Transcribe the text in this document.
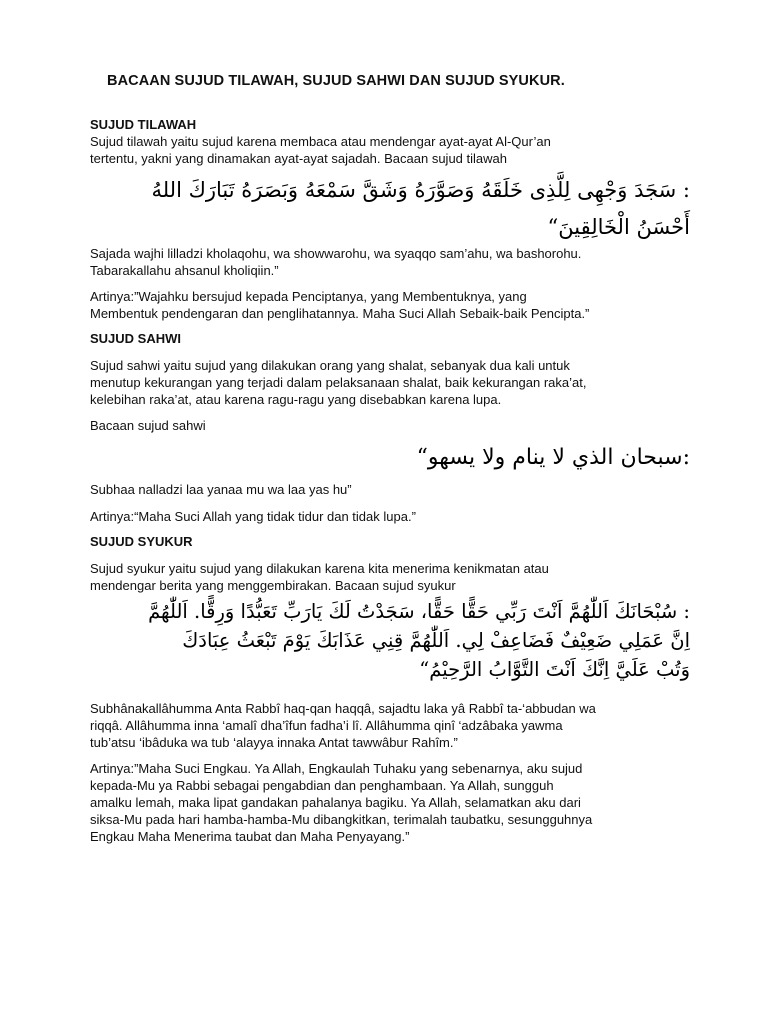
BACAAN SUJUD TILAWAH, SUJUD SAHWI DAN SUJUD SYUKUR.
SUJUD TILAWAH
Sujud tilawah yaitu sujud karena membaca atau mendengar ayat-ayat Al-Qur’an
tertentu, yakni yang dinamakan ayat-ayat sajadah. Bacaan sujud tilawah
: سَجَدَ وَجْهِى لِلَّذِى خَلَقَهُ وَصَوَّرَهُ وَشَقَّ سَمْعَهُ وَبَصَرَهُ تَبَارَكَ اللهُ
أَحْسَنُ الْخَالِقِينَ“
Sajada wajhi lilladzi kholaqohu, wa showwarohu, wa syaqqo sam’ahu, wa bashorohu.
Tabarakallahu ahsanul kholiqiin.”
Artinya:”Wajahku bersujud kepada Penciptanya, yang Membentuknya, yang
Membentuk pendengaran dan penglihatannya. Maha Suci Allah Sebaik-baik Pencipta.”
SUJUD SAHWI
Sujud sahwi yaitu sujud yang dilakukan orang yang shalat, sebanyak dua kali untuk
menutup kekurangan yang terjadi dalam pelaksanaan shalat, baik kekurangan raka’at,
kelebihan raka’at, atau karena ragu-ragu yang disebabkan karena lupa.
Bacaan sujud sahwi
:سبحان الذي لا ينام ولا يسهو“
Subhaa nalladzi laa yanaa mu wa laa yas hu”
Artinya:“Maha Suci Allah yang tidak tidur dan tidak lupa.”
SUJUD SYUKUR
Sujud syukur yaitu sujud yang dilakukan karena kita menerima kenikmatan atau
mendengar berita yang menggembirakan. Bacaan sujud syukur
: سُبْحَانَكَ اَللّٰهُمَّ اَنْتَ رَبِّي حَقًّا حَقًّا، سَجَدْتُ لَكَ يَارَبِّ تَعَبُّدًا وَرِقًّا. اَللّٰهُمَّ
اِنَّ عَمَلِي ضَعِيْفٌ فَضَاعِفْ لِي. اَللّٰهُمَّ قِنِي عَذَابَكَ يَوْمَ تَبْعَثُ عِبَادَكَ
وَتُبْ عَلَيَّ اِنَّكَ اَنْتَ التَّوَّابُ الرَّحِيْمُ“
Subhânakallâhumma Anta Rabbî haq-qan haqqâ, sajadtu laka yâ Rabbî ta-‘abbudan wa
riqqâ. Allâhumma inna ‘amalî dha’îfun fadha’i lî. Allâhumma qinî ‘adzâbaka yawma
tub’atsu ‘ibâduka wa tub ‘alayya innaka Antat tawwâbur Rahîm.”
Artinya:”Maha Suci Engkau. Ya Allah, Engkaulah Tuhaku yang sebenarnya, aku sujud
kepada-Mu ya Rabbi sebagai pengabdian dan penghambaan. Ya Allah, sungguh
amalku lemah, maka lipat gandakan pahalanya bagiku. Ya Allah, selamatkan aku dari
siksa-Mu pada hari hamba-hamba-Mu dibangkitkan, terimalah taubatku, sesungguhnya
Engkau Maha Menerima taubat dan Maha Penyayang.”
